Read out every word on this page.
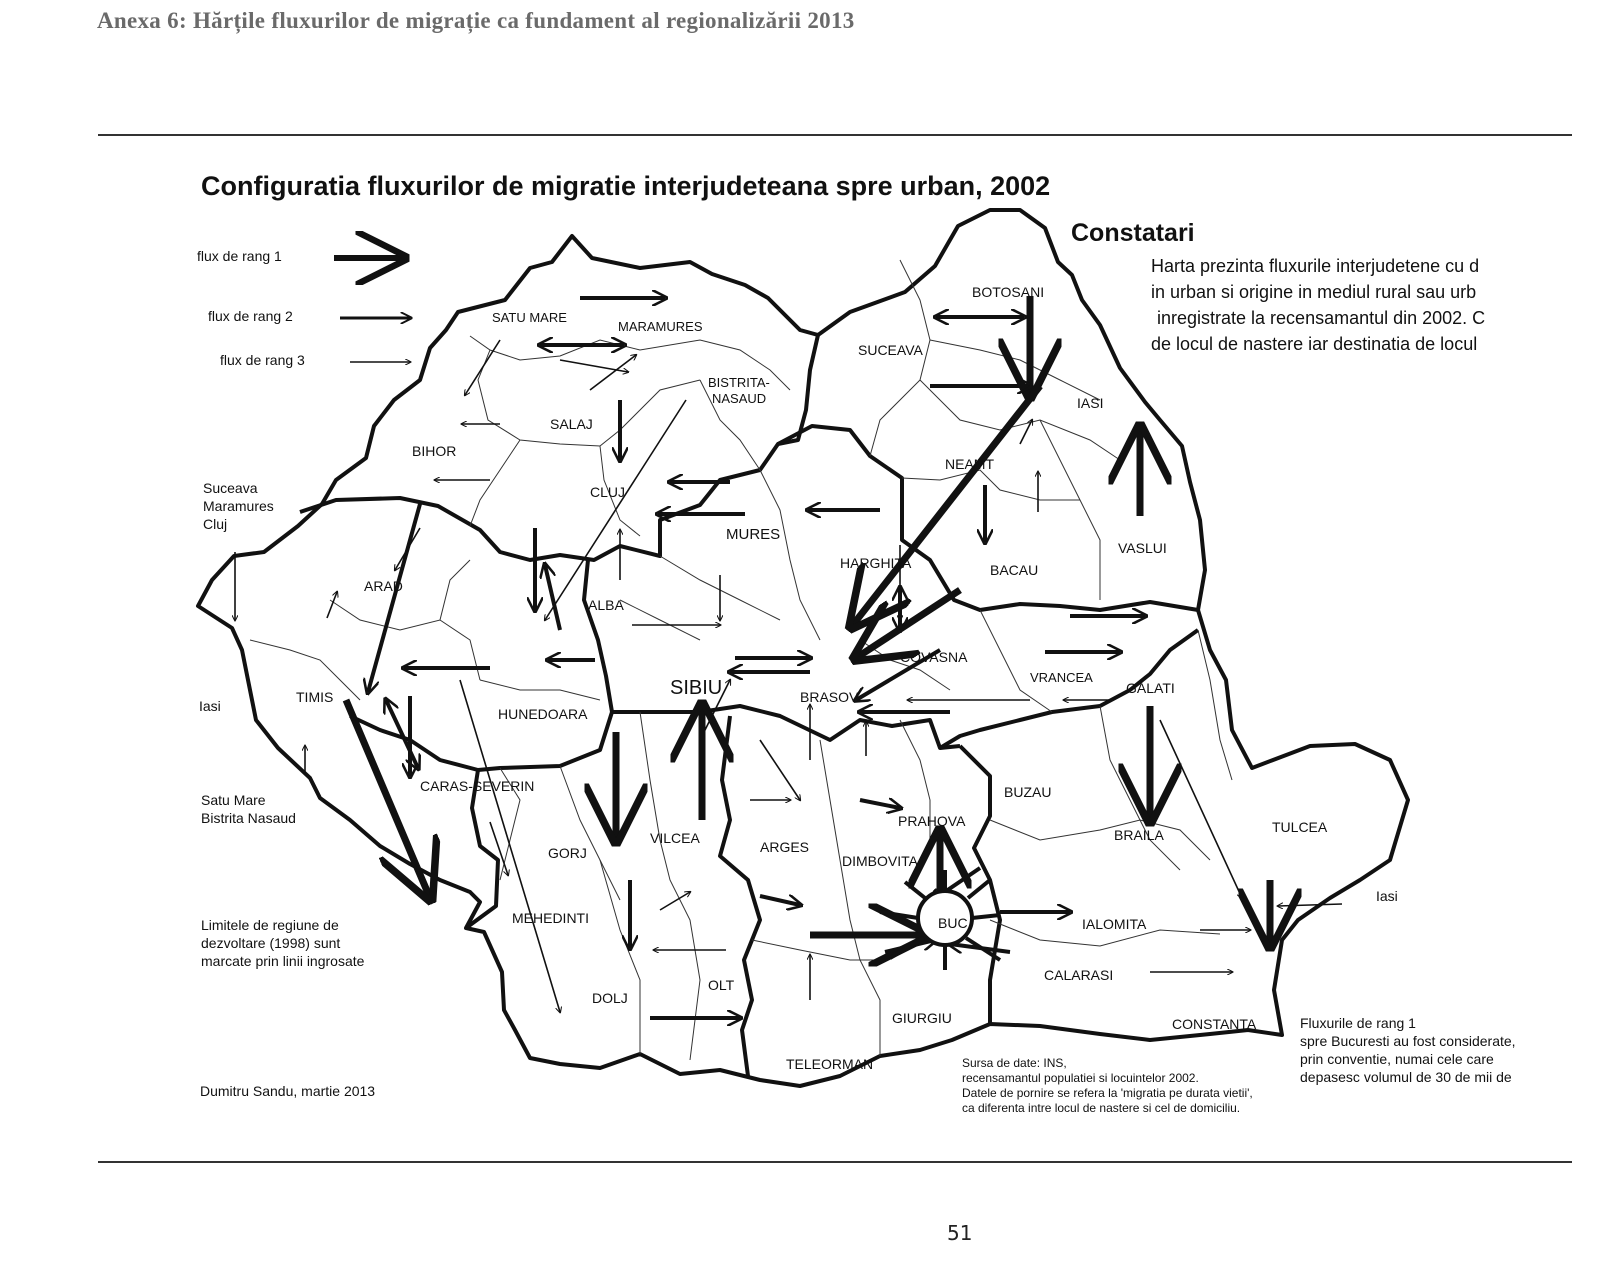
Anexa 6: Hărțile fluxurilor de migrație ca fundament al regionalizării 2013
Configuratia fluxurilor de migratie interjudeteana spre urban, 2002
SATU MARE
MARAMURES
BOTOSANI
SUCEAVA
BISTRITA-
NASAUD
SALAJ
IASI
BIHOR
NEAMT
CLUJ
MURES
VASLUI
HARGHITA	BACAU
ARAD
ALBA
COVASNA
VRANCEA
GALATI
SIBIU	BRASOV
TIMIS
HUNEDOARA
CARAS-SEVERIN	BUZAU
PRAHOVA	TULCEA
BRAILA
ARGES
VILCEA
GORJ	DIMBOVITA
MEHEDINTI	BUC	IALOMITA
DOLJ
OLT
CALARASI
GIURGIU	CONSTANTA
TELEORMAN
flux de rang 1
flux de rang 2
flux de rang 3
Constatari
Harta prezinta fluxurile interjudetene cu d
in urban si origine in mediul rural sau urb
inregistrate la recensamantul din 2002. C
de locul de nastere iar destinatia de locul
Suceava
Maramures
Cluj
Iasi
Satu Mare
Bistrita Nasaud
Iasi
Limitele de regiune de
dezvoltare (1998) sunt
marcate prin linii ingrosate
Dumitru Sandu, martie 2013
Sursa de date: INS,
recensamantul populatiei si locuintelor 2002.
Datele de pornire se refera la 'migratia pe durata vietii',
ca diferenta intre locul de nastere si cel de domiciliu.
Fluxurile de rang 1
spre Bucuresti au fost considerate,
prin conventie, numai cele care
depasesc volumul de 30 de mii de
51
